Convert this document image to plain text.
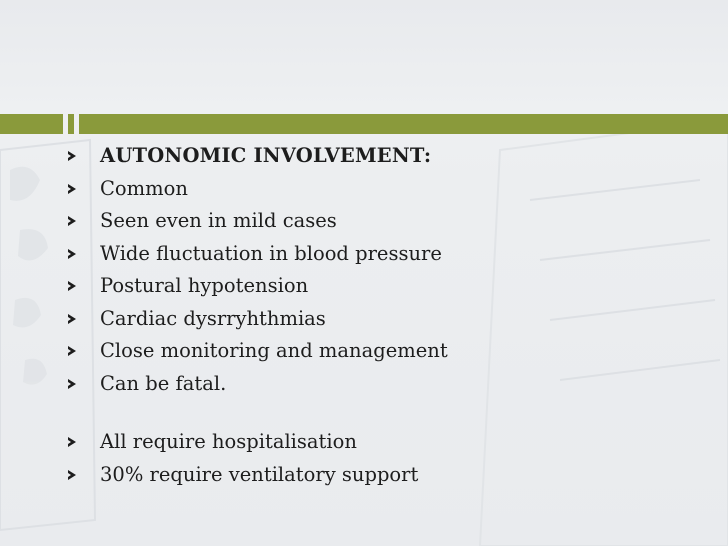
AUTONOMIC INVOLVEMENT:
Common
Seen even in mild cases
Wide fluctuation in blood pressure
Postural hypotension
Cardiac dysrryhthmias
Close monitoring and management
Can be fatal.
All require hospitalisation
30% require ventilatory support
